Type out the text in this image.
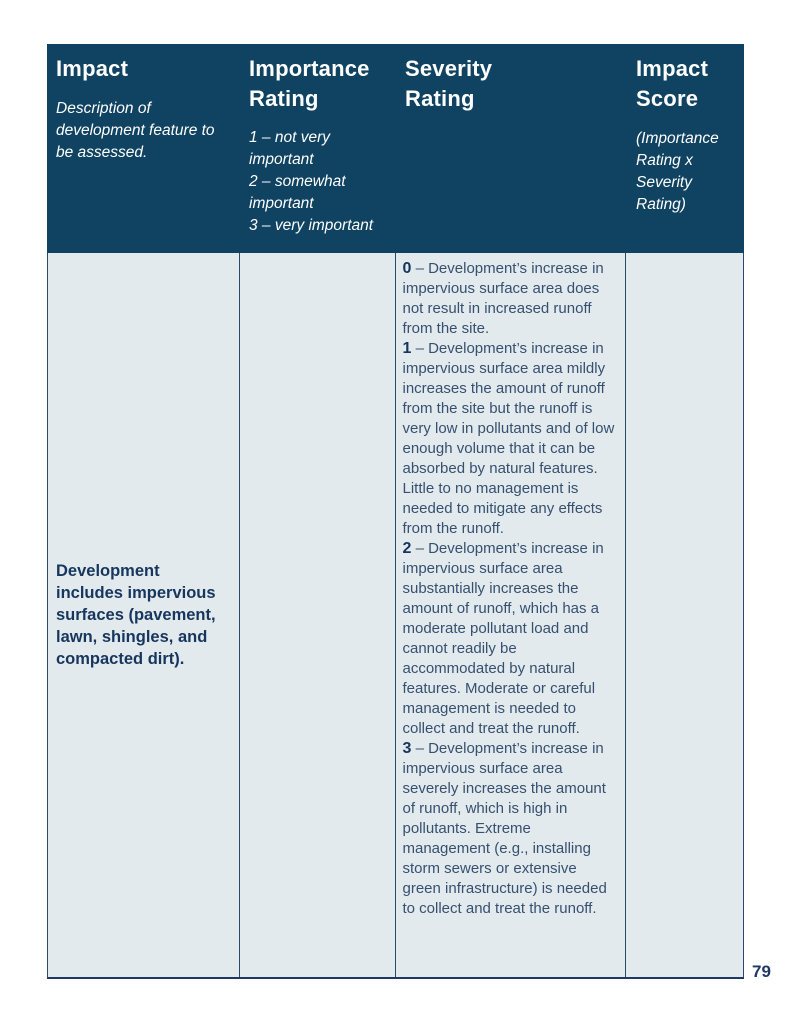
Impact
Description of development feature to be assessed.
Importance Rating
1 – not very important
2 – somewhat important
3 – very important
Severity Rating
Impact Score
(Importance Rating x Severity Rating)
Development includes impervious surfaces (pavement, lawn, shingles, and compacted dirt).

0 – Development’s increase in impervious surface area does not result in increased runoff from the site.

1 – Development’s increase in impervious surface area mildly increases the amount of runoff from the site but the runoff is very low in pollutants and of low enough volume that it can be absorbed by natural features. Little to no management is needed to mitigate any effects from the runoff.

2 – Development’s increase in impervious surface area substantially increases the amount of runoff, which has a moderate pollutant load and cannot readily be accommodated by natural features. Moderate or careful management is needed to collect and treat the runoff.

3 – Development’s increase in impervious surface area severely increases the amount of runoff, which is high in pollutants. Extreme management (e.g., installing storm sewers or extensive green infrastructure) is needed to collect and treat the runoff.

79
